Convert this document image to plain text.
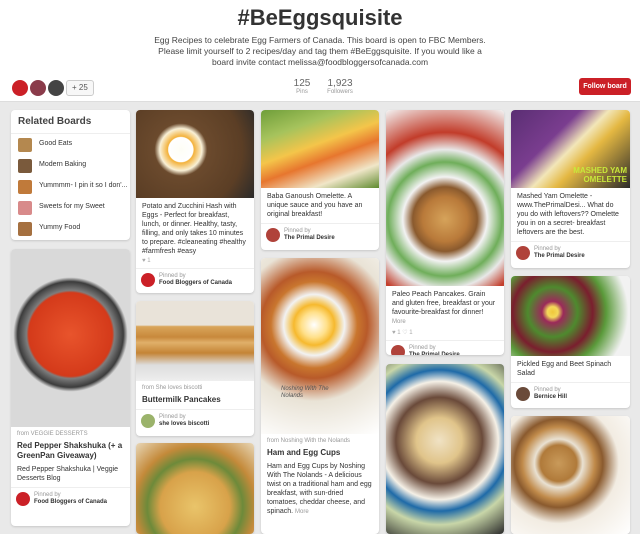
#BeEggsquisite
Egg Recipes to celebrate Egg Farmers of Canada. This board is open to FBC Members. Please limit yourself to 2 recipes/day and tag them #BeEggsquisite. If you would like a board invite contact melissa@foodbloggersofcanada.com
+ 25	125
Pins
1,923
Followers
Follow board
Related Boards
Good Eats
Modern Baking
Yummmm- I pin it so I don'...
Sweets for my Sweet
Yummy Food
from VEGGIE DESSERTS
Red Pepper Shakshuka (+ a GreenPan Giveaway)
Red Pepper Shakshuka | Veggie Desserts Blog
Pinned by
Food Bloggers of Canada
Potato and Zucchini Hash with Eggs - Perfect for breakfast, lunch, or dinner. Healthy, tasty, filling, and only takes 10 minutes to prepare. #cleaneating #healthy #farmfresh #easy
♥ 1
Pinned by
Food Bloggers of Canada
from She loves biscotti
Buttermilk Pancakes
Pinned by
she loves biscotti
Baba Ganoush Omelette. A unique sauce and you have an original breakfast!
Pinned by
The Primal Desire
Noshing With The Nolands
from Noshing With the Nolands
Ham and Egg Cups
Ham and Egg Cups by Noshing With The Nolands - A delicious twist on a traditional ham and egg breakfast, with sun-dried tomatoes, cheddar cheese, and spinach. More
Paleo Peach Pancakes. Grain and gluten free, breakfast or your favourite-breakfast for dinner! More
♥ 1 ♡ 1
Pinned by
The Primal Desire
MASHED YAM OMELETTE
Mashed Yam Omelette - www.ThePrimalDesi... What do you do with leftovers?? Omelette you in on a secret- breakfast leftovers are the best.
Pinned by
The Primal Desire
Pickled Egg and Beet Spinach Salad
Pinned by
Bernice Hill
